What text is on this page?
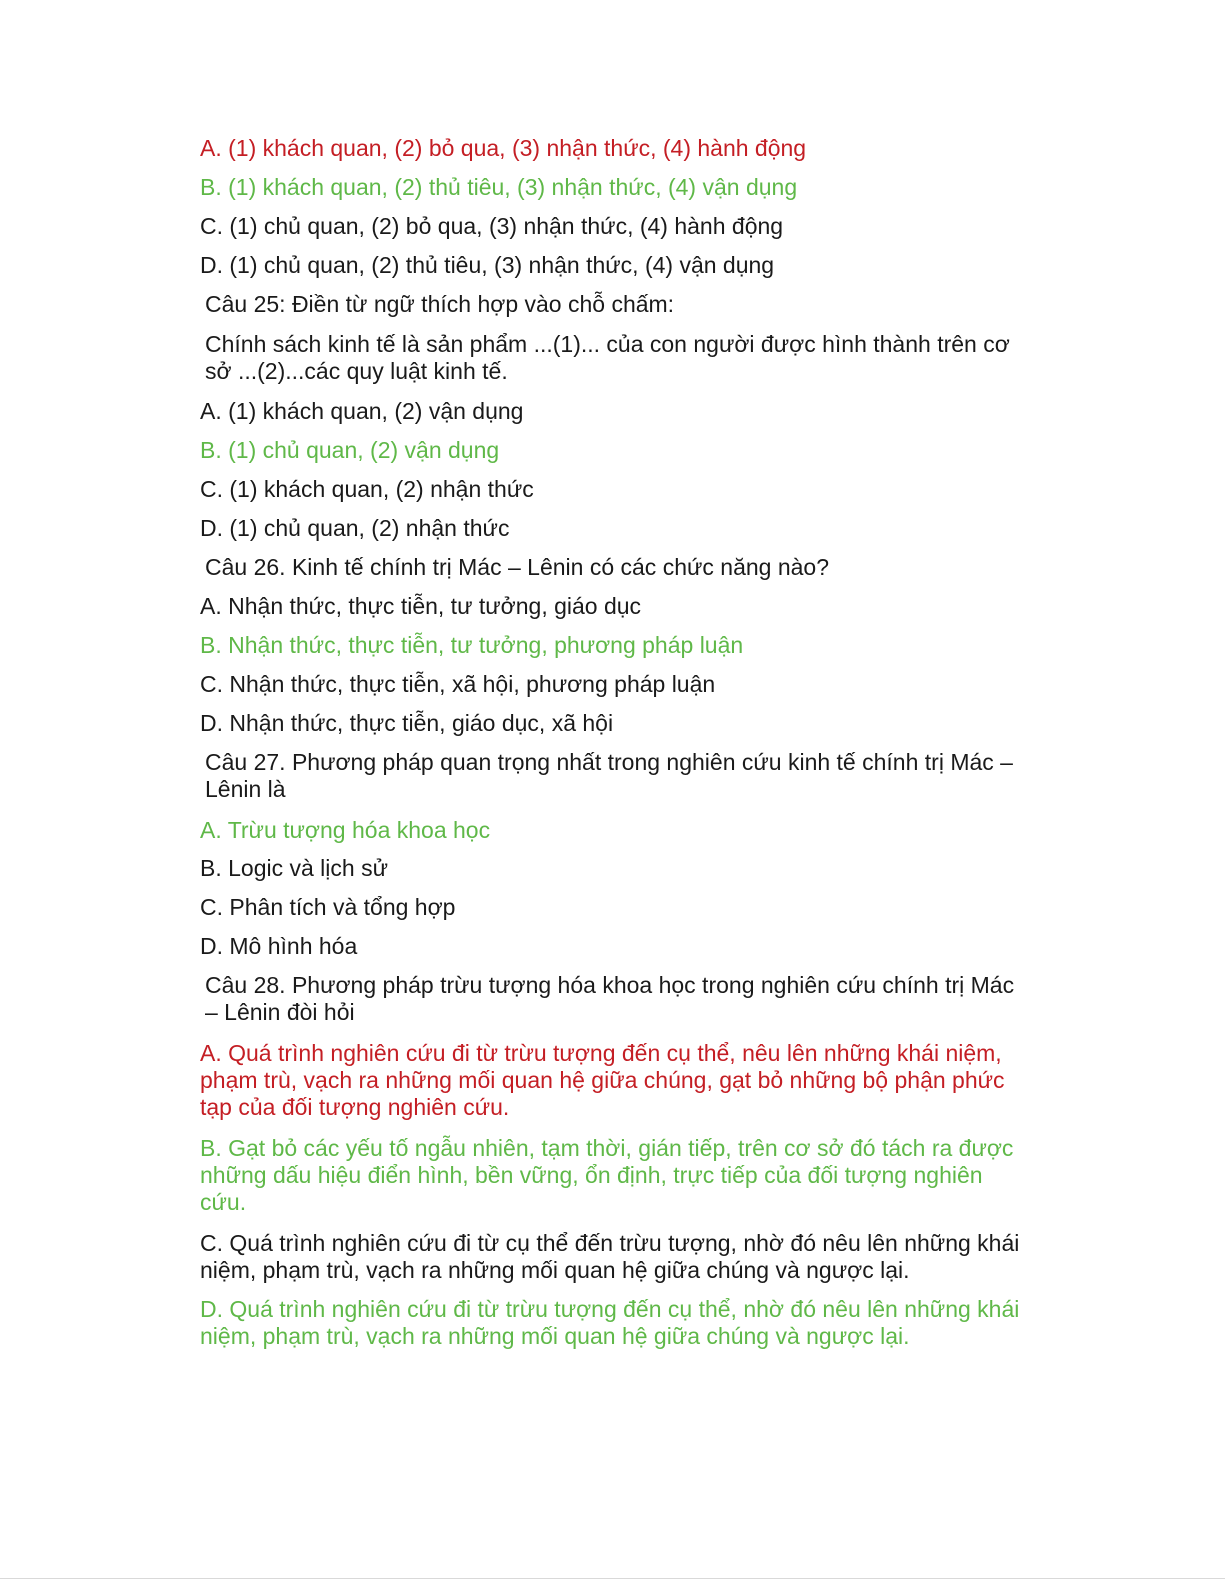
A. (1) khách quan, (2) bỏ qua, (3) nhận thức, (4) hành động
B. (1) khách quan, (2) thủ tiêu, (3) nhận thức, (4) vận dụng
C. (1) chủ quan, (2) bỏ qua, (3) nhận thức, (4) hành động
D. (1) chủ quan, (2) thủ tiêu, (3) nhận thức, (4) vận dụng
Câu 25: Điền từ ngữ thích hợp vào chỗ chấm:
Chính sách kinh tế là sản phẩm ...(1)... của con người được hình thành trên cơ sở ...(2)...các quy luật kinh tế.
A. (1) khách quan, (2) vận dụng
B. (1) chủ quan, (2) vận dụng
C. (1) khách quan, (2) nhận thức
D. (1) chủ quan, (2) nhận thức
Câu 26. Kinh tế chính trị Mác – Lênin có các chức năng nào?
A. Nhận thức, thực tiễn, tư tưởng, giáo dục
B. Nhận thức, thực tiễn, tư tưởng, phương pháp luận
C. Nhận thức, thực tiễn, xã hội, phương pháp luận
D. Nhận thức, thực tiễn, giáo dục, xã hội
Câu 27. Phương pháp quan trọng nhất trong nghiên cứu kinh tế chính trị Mác – Lênin là
A. Trừu tượng hóa khoa học
B. Logic và lịch sử
C. Phân tích và tổng hợp
D. Mô hình hóa
Câu 28. Phương pháp trừu tượng hóa khoa học trong nghiên cứu chính trị Mác – Lênin đòi hỏi
A. Quá trình nghiên cứu đi từ trừu tượng đến cụ thể, nêu lên những khái niệm, phạm trù, vạch ra những mối quan hệ giữa chúng, gạt bỏ những bộ phận phức tạp của đối tượng nghiên cứu.
B. Gạt bỏ các yếu tố ngẫu nhiên, tạm thời, gián tiếp, trên cơ sở đó tách ra được những dấu hiệu điển hình, bền vững, ổn định, trực tiếp của đối tượng nghiên cứu.
C. Quá trình nghiên cứu đi từ cụ thể đến trừu tượng, nhờ đó nêu lên những khái niệm, phạm trù, vạch ra những mối quan hệ giữa chúng và ngược lại.
D. Quá trình nghiên cứu đi từ trừu tượng đến cụ thể, nhờ đó nêu lên những khái niệm, phạm trù, vạch ra những mối quan hệ giữa chúng và ngược lại.
